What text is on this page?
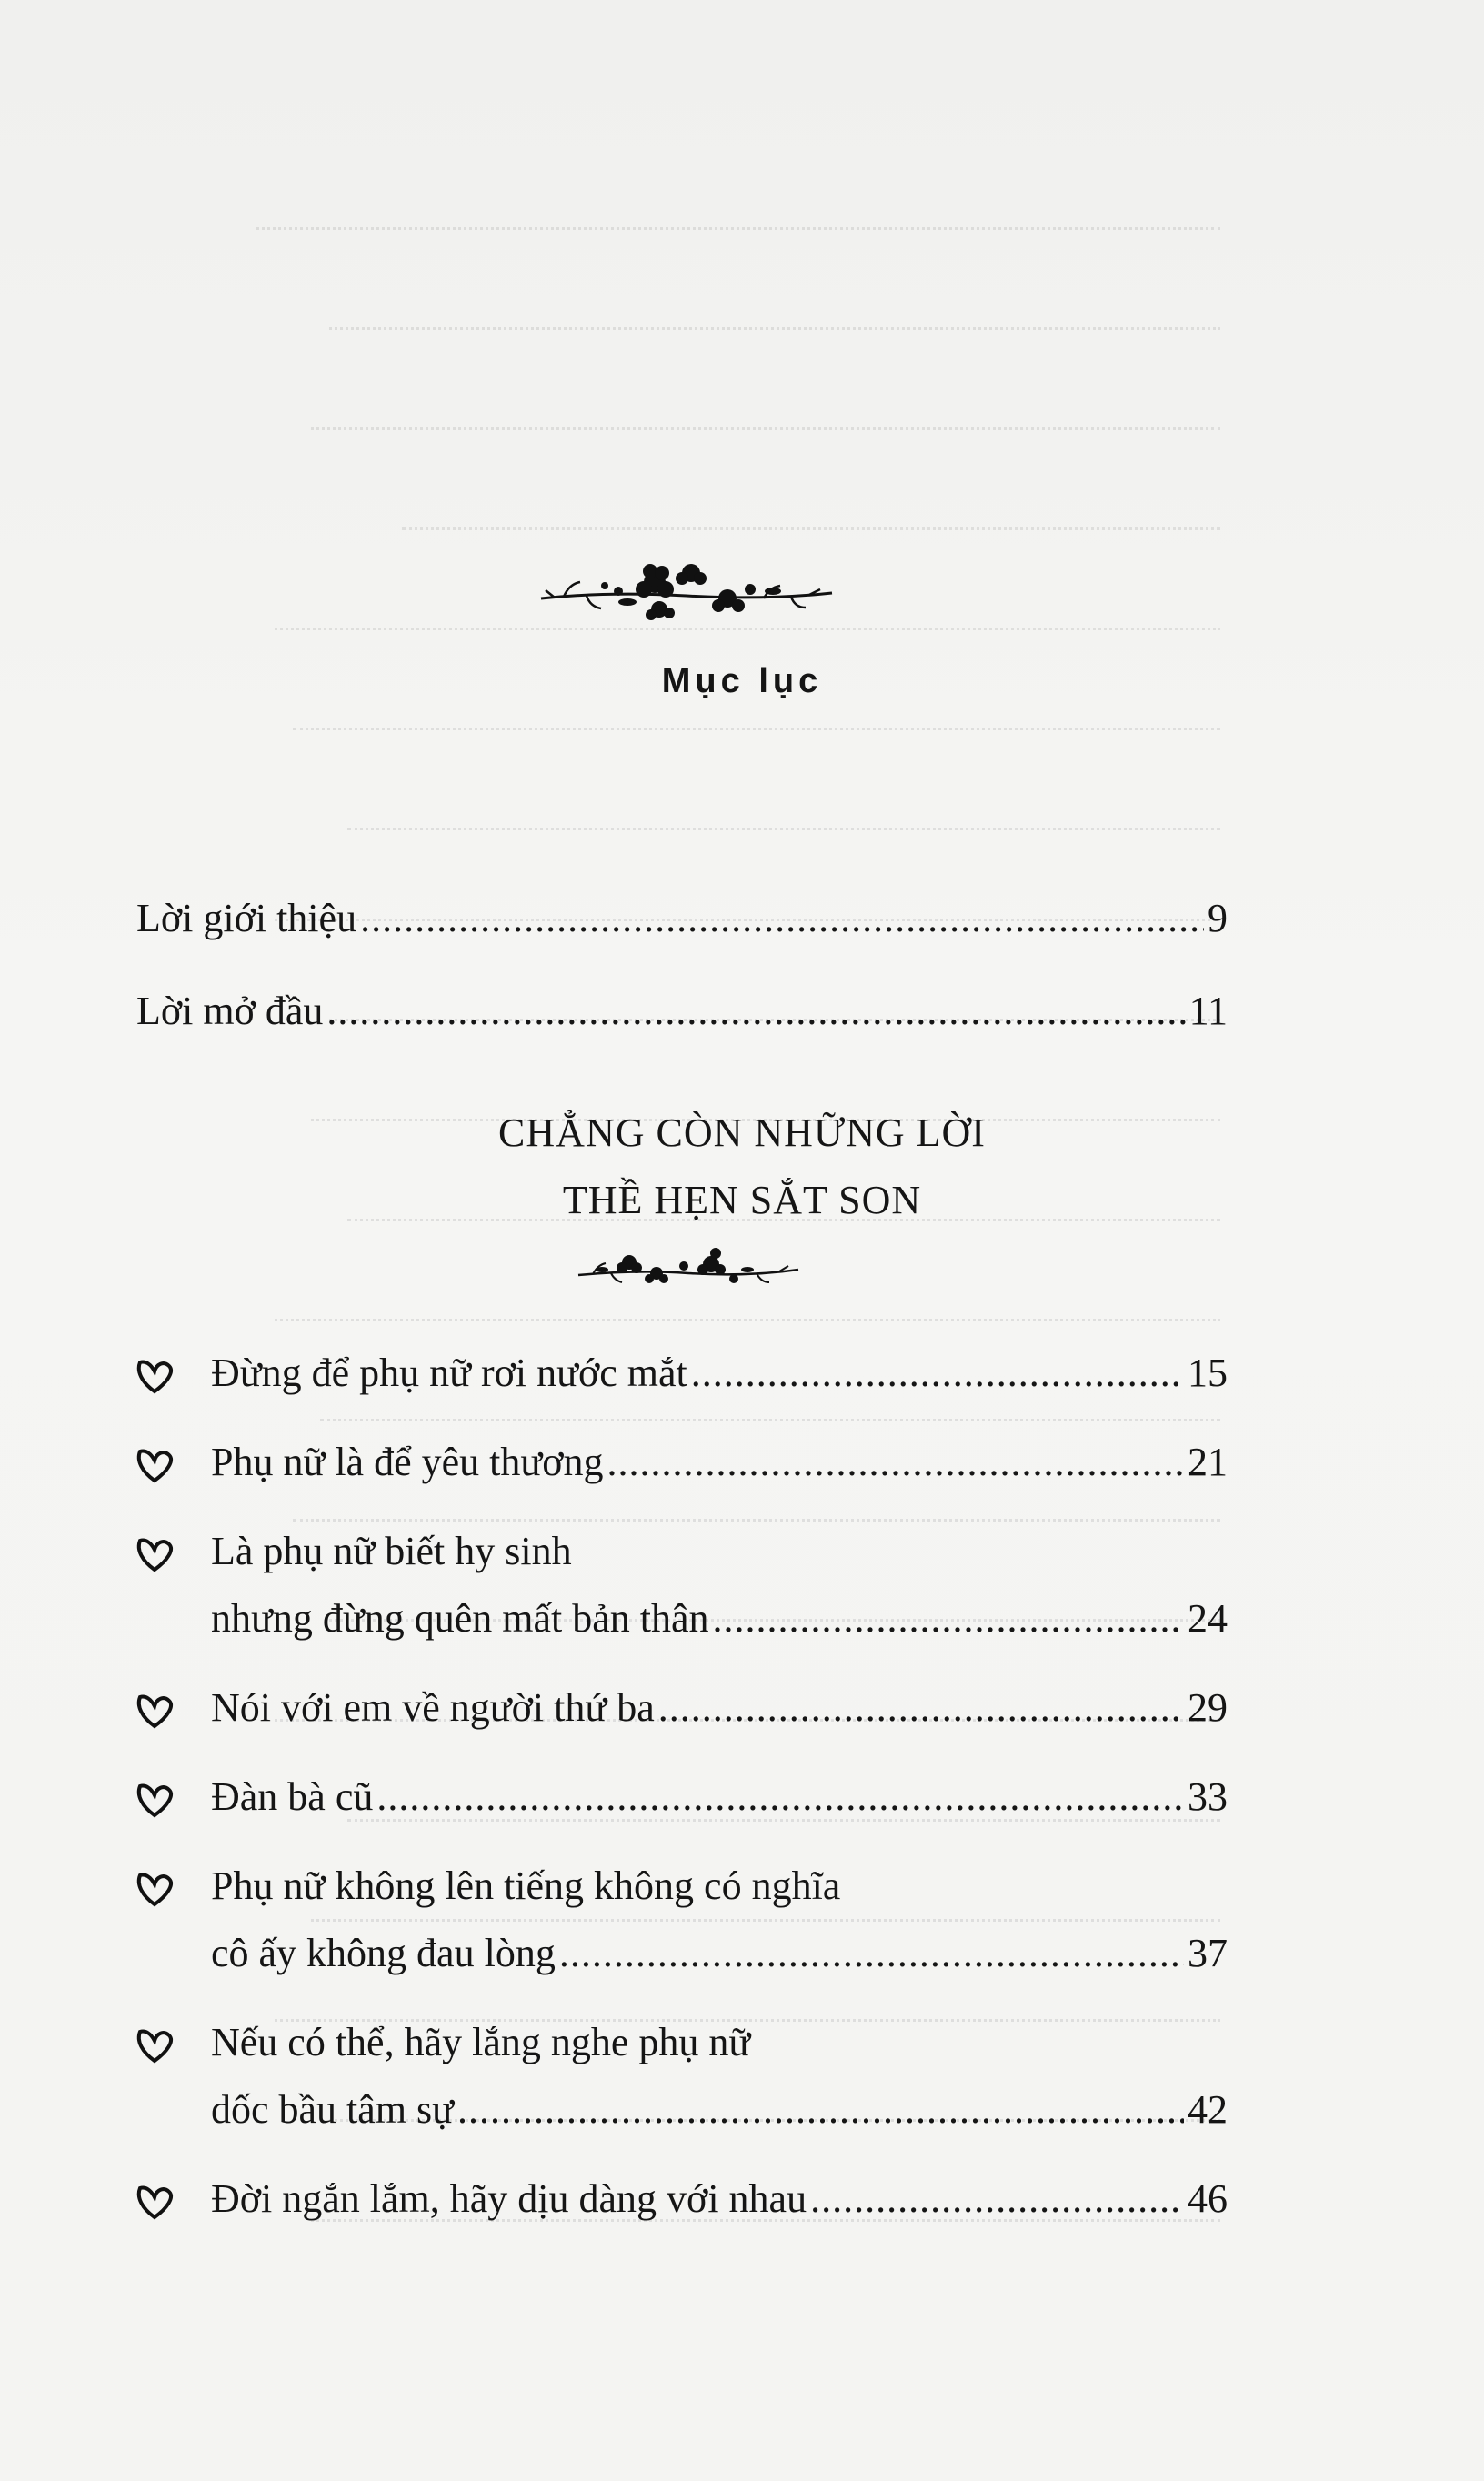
Mục lục
Lời giới thiệu .....	9
Lời mở đầu .....	11
CHẲNG CÒN NHỮNG LỜI
THỀ HẸN SẮT SON
Đừng để phụ nữ rơi nước mắt .....	15
Phụ nữ là để yêu thương .....	21
Là phụ nữ biết hy sinh
nhưng đừng quên mất bản thân .....	24
Nói với em về người thứ ba .....	29
Đàn bà cũ .....	33
Phụ nữ không lên tiếng không có nghĩa
cô ấy không đau lòng .....	37
Nếu có thể, hãy lắng nghe phụ nữ
dốc bầu tâm sự .....	42
Đời ngắn lắm, hãy dịu dàng với nhau .....	46
